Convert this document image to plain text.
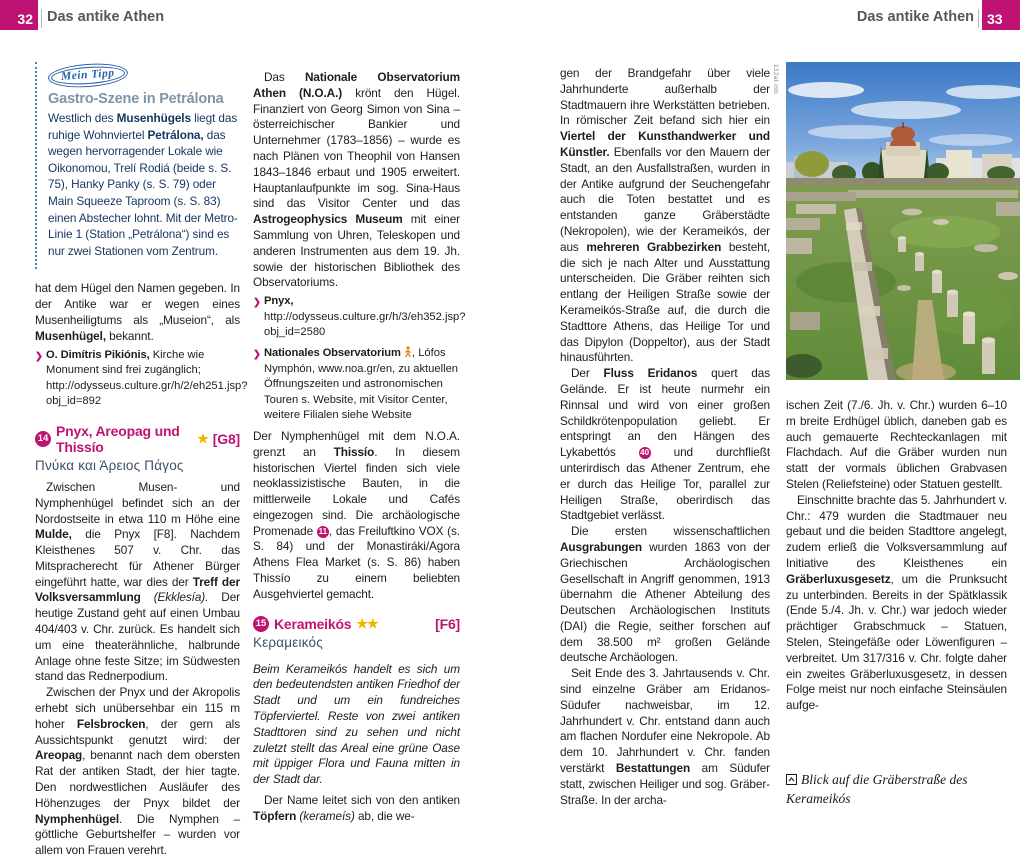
32 Das antike Athen	Das antike Athen 33
Mein Tipp
Gastro-Szene in Petrálona

Westlich des Musenhügels liegt das ruhige Wohnviertel Petrálona, das wegen hervorragender Lokale wie Oikonomou, Trelí Rodiá (beide s. S. 75), Hanky Panky (s. S. 79) oder Main Squeeze Taproom (s. S. 83) einen Abstecher lohnt. Mit der Metro-Linie 1 (Station „Petrálona“) sind es nur zwei Stationen vom Zentrum.

hat dem Hügel den Namen gegeben. In der Antike war er wegen eines Musenheiligtums als „Museion“, als Musenhügel, bekannt.

❯ O. Dimítris Pikiónis, Kirche wie Monument sind frei zugänglich; http://odysseus.culture.gr/h/2/eh251.jsp?obj_id=892

14 Pnyx, Areopag und Thissío
★ [G8]
Πνύκα και Άρειος Πάγος

Zwischen Musen- und Nymphenhügel befindet sich an der Nordostseite in etwa 110 m Höhe eine Mulde, die Pnyx [F8]. Nachdem Kleisthenes 507 v. Chr. das Mitspracherecht für Athener Bürger eingeführt hatte, war dies der Treff der Volksversammlung (Ekklesía). Der heutige Zustand geht auf einen Umbau 404/403 v. Chr. zurück. Es handelt sich um eine theaterähnliche, halbrunde Anlage ohne feste Sitze; im Südwesten stand das Rednerpodium.

Zwischen der Pnyx und der Akropolis erhebt sich unübersehbar ein 115 m hoher Felsbrocken, der gern als Aussichtspunkt genutzt wird: der Areopag, benannt nach dem obersten Rat der antiken Stadt, der hier tagte. Den nordwestlichen Ausläufer des Höhenzuges der Pnyx bildet der Nymphenhügel. Die Nymphen – göttliche Geburtshelfer – wurden vor allem von Frauen verehrt.

Das Nationale Observatorium Athen (N.O.A.) krönt den Hügel. Finanziert von Georg Simon von Sina – österreichischer Bankier und Unternehmer (1783–1856) – wurde es nach Plänen von Theophil von Hansen 1843–1846 erbaut und 1905 erweitert. Hauptanlaufpunkte im sog. Sina-Haus sind das Visitor Center und das Astrogeophysics Museum mit einer Sammlung von Uhren, Teleskopen und anderen Instrumenten aus dem 19. Jh. sowie der historischen Bibliothek des Observatoriums.

❯ Pnyx, http://odysseus.culture.gr/h/3/eh352.jsp?obj_id=2580

❯ Nationales Observatorium , Lófos Nymphón, www.noa.gr/en, zu aktuellen Öffnungszeiten und astronomischen Touren s. Website, mit Visitor Center, weitere Filialen siehe Website

Der Nymphenhügel mit dem N.O.A. grenzt an Thissío. In diesem historischen Viertel finden sich viele neoklassizistische Bauten, in die mittlerweile Lokale und Cafés eingezogen sind. Die archäologische Promenade 11 , das Freiluftkino VOX (s. S. 84) und der Monastiráki/Agora Athens Flea Market (s. S. 86) haben Thissío zu einem beliebten Ausgehviertel gemacht.

15 Kerameikós ★★	[F6]
Κεραμεικός

Beim Kerameikós handelt es sich um den bedeutendsten antiken Friedhof der Stadt und um ein fundreiches Töpferviertel. Reste von zwei antiken Stadttoren sind zu sehen und nicht zuletzt stellt das Areal eine grüne Oase mit üppiger Flora und Fauna mitten in der Stadt dar.

Der Name leitet sich von den antiken Töpfern (kerameís) ab, die we-

gen der Brandgefahr über viele Jahrhunderte außerhalb der Stadtmauern ihre Werkstätten betrieben. In römischer Zeit befand sich hier ein Viertel der Kunsthandwerker und Künstler. Ebenfalls vor den Mauern der Stadt, an den Ausfallstraßen, wurden in der Antike aufgrund der Seuchengefahr auch die Toten bestattet und es entstanden ganze Gräberstädte (Nekropolen), wie der Kerameikós, der aus mehreren Grabbezirken besteht, die sich je nach Alter und Ausstattung unterscheiden. Die Gräber reihten sich entlang der Heiligen Straße sowie der Kerameikós-Straße auf, die durch die Stadttore Athens, das Heilige Tor und das Dipylon (Doppeltor), aus der Stadt hinausführten.

Der Fluss Eridanos quert das Gelände. Er ist heute nurmehr ein Rinnsal und wird von einer großen Schildkrötenpopulation geliebt. Er entspringt an den Hängen des Lykabettós 40 und durchfließt unterirdisch das Athener Zentrum, ehe er durch das Heilige Tor, parallel zur Heiligen Straße, oberirdisch das Stadtgebiet verlässt.

Die ersten wissenschaftlichen Ausgrabungen wurden 1863 von der Griechischen Archäologischen Gesellschaft in Angriff genommen, 1913 übernahm die Athener Abteilung des Deutschen Archäologischen Instituts (DAI) die Regie, seither forschen auf dem 38.500 m² großen Gelände deutsche Archäologen.

Seit Ende des 3. Jahrtausends v. Chr. sind einzelne Gräber am Eridanos-Südufer nachweisbar, im 12. Jahrhundert v. Chr. entstand dann auch am flachen Nordufer eine Nekropole. Ab dem 10. Jahrhundert v. Chr. fanden verstärkt Bestattungen am Südufer statt, zwischen Heiliger und sog. Gräber-Straße. In der archa-

132at·mb

ischen Zeit (7./6. Jh. v. Chr.) wurden 6–10 m breite Erdhügel üblich, daneben gab es auch gemauerte Rechteckanlagen mit Flachdach. Auf die Gräber wurden nun statt der vormals üblichen Grabvasen Stelen (Reliefsteine) oder Statuen gestellt.

Einschnitte brachte das 5. Jahrhundert v. Chr.: 479 wurden die Stadtmauer neu gebaut und die beiden Stadttore angelegt, zudem erließ die Volksversammlung auf Initiative des Kleisthenes ein Gräberluxusgesetz, um die Prunksucht zu unterbinden. Bereits in der Spätklassik (Ende 5./4. Jh. v. Chr.) war jedoch wieder prächtiger Grabschmuck – Statuen, Stelen, Steingefäße oder Löwenfiguren – verbreitet. Um 317/316 v. Chr. folgte daher ein zweites Gräberluxusgesetz, in dessen Folge meist nur noch einfache Steinsäulen aufge-

Blick auf die Gräberstraße des Kerameikós
